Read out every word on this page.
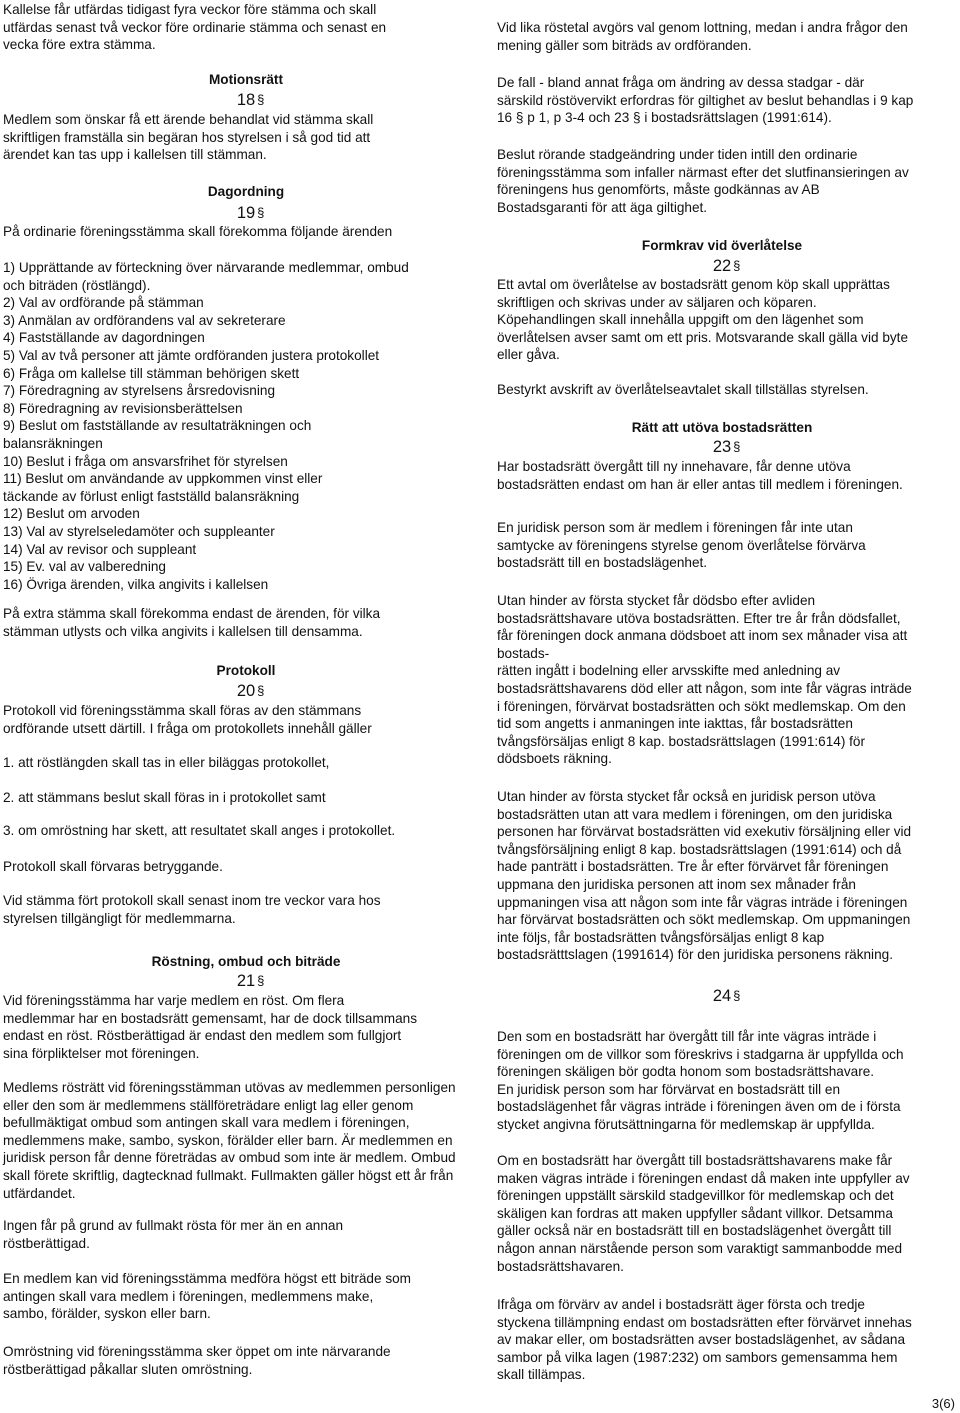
Kallelse får utfärdas tidigast fyra veckor före stämma och skall
utfärdas senast två veckor före ordinarie stämma och senast en
vecka före extra stämma.
Motionsrätt
18 §
Medlem som önskar få ett ärende behandlat vid stämma skall
skriftligen framställa sin begäran hos styrelsen i så god tid att
ärendet kan tas upp i kallelsen till stämman.
Dagordning
19 §
På ordinarie föreningsstämma skall förekomma följande ärenden
1) Upprättande av förteckning över närvarande medlemmar, ombud
och biträden (röstlängd).
2) Val av ordförande på stämman
3) Anmälan av ordförandens val av sekreterare
4) Fastställande av dagordningen
5) Val av två personer att jämte ordföranden justera protokollet
6) Fråga om kallelse till stämman behörigen skett
7) Föredragning av styrelsens årsredovisning
8) Föredragning av revisionsberättelsen
9) Beslut om fastställande av resultaträkningen och
balansräkningen
10) Beslut i fråga om ansvarsfrihet för styrelsen
11) Beslut om användande av uppkommen vinst eller
täckande av förlust enligt fastställd balansräkning
12) Beslut om arvoden
13) Val av styrelseledamöter och suppleanter
14) Val av revisor och suppleant
15) Ev. val av valberedning
16) Övriga ärenden, vilka angivits i kallelsen
På extra stämma skall förekomma endast de ärenden, för vilka
stämman utlysts och vilka angivits i kallelsen till densamma.
Protokoll
20 §
Protokoll vid föreningsstämma skall föras av den stämmans
ordförande utsett därtill. I fråga om protokollets innehåll gäller
1. att röstlängden skall tas in eller biläggas protokollet,
2. att stämmans beslut skall föras in i protokollet samt
3. om omröstning har skett, att resultatet skall anges i protokollet.
Protokoll skall förvaras betryggande.
Vid stämma fört protokoll skall senast inom tre veckor vara hos
styrelsen tillgängligt för medlemmarna.
Röstning, ombud och biträde
21 §
Vid föreningsstämma har varje medlem en röst. Om flera
medlemmar har en bostadsrätt gemensamt, har de dock tillsammans
endast en röst. Röstberättigad är endast den medlem som fullgjort
sina förpliktelser mot föreningen.
Medlems rösträtt vid föreningsstämman utövas av medlemmen personligen
eller den som är medlemmens ställföreträdare enligt lag eller genom
befullmäktigat ombud som antingen skall vara medlem i föreningen,
medlemmens make, sambo, syskon, förälder eller barn. Är medlemmen en
juridisk person får denne företrädas av ombud som inte är medlem. Ombud
skall förete skriftlig, dagtecknad fullmakt. Fullmakten gäller högst ett år från
utfärdandet.
Ingen får på grund av fullmakt rösta för mer än en annan
röstberättigad.
En medlem kan vid föreningsstämma medföra högst ett biträde som
antingen skall vara medlem i föreningen, medlemmens make,
sambo, förälder, syskon eller barn.
Omröstning vid föreningsstämma sker öppet om inte närvarande
röstberättigad påkallar sluten omröstning.
Vid lika röstetal avgörs val genom lottning, medan i andra frågor den
mening gäller som biträds av ordföranden.
De fall - bland annat fråga om ändring av dessa stadgar - där
särskild röstövervikt erfordras för giltighet av beslut behandlas i 9 kap
16 § p 1, p 3-4 och 23 § i bostadsrättslagen (1991:614).
Beslut rörande stadgeändring under tiden intill den ordinarie
föreningsstämma som infaller närmast efter det slutfinansieringen av
föreningens hus genomförts, måste godkännas av AB
Bostadsgaranti för att äga giltighet.
Formkrav vid överlåtelse
22 §
Ett avtal om överlåtelse av bostadsrätt genom köp skall upprättas
skriftligen och skrivas under av säljaren och köparen.
Köpehandlingen skall innehålla uppgift om den lägenhet som
överlåtelsen avser samt om ett pris. Motsvarande skall gälla vid byte
eller gåva.
Bestyrkt avskrift av överlåtelseavtalet skall tillställas styrelsen.
Rätt att utöva bostadsrätten
23 §
Har bostadsrätt övergått till ny innehavare, får denne utöva
bostadsrätten endast om han är eller antas till medlem i föreningen.
En juridisk person som är medlem i föreningen får inte utan
samtycke av föreningens styrelse genom överlåtelse förvärva
bostadsrätt till en bostadslägenhet.
Utan hinder av första stycket får dödsbo efter avliden
bostadsrättshavare utöva bostadsrätten. Efter tre år från dödsfallet,
får föreningen dock anmana dödsboet att inom sex månader visa att
bostads-
rätten ingått i bodelning eller arvsskifte med anledning av
bostadsrättshavarens död eller att någon, som inte får vägras inträde
i föreningen, förvärvat bostadsrätten och sökt medlemskap. Om den
tid som angetts i anmaningen inte iakttas, får bostadsrätten
tvångsförsäljas enligt 8 kap. bostadsrättslagen (1991:614) för
dödsboets räkning.
Utan hinder av första stycket får också en juridisk person utöva
bostadsrätten utan att vara medlem i föreningen, om den juridiska
personen har förvärvat bostadsrätten vid exekutiv försäljning eller vid
tvångsförsäljning enligt 8 kap. bostadsrättslagen (1991:614) och då
hade panträtt i bostadsrätten. Tre år efter förvärvet får föreningen
uppmana den juridiska personen att inom sex månader från
uppmaningen visa att någon som inte får vägras inträde i föreningen
har förvärvat bostadsrätten och sökt medlemskap. Om uppmaningen
inte följs, får bostadsrätten tvångsförsäljas enligt 8 kap
bostadsrätttslagen (1991614) för den juridiska personens räkning.
24 §
Den som en bostadsrätt har övergått till får inte vägras inträde i
föreningen om de villkor som föreskrivs i stadgarna är uppfyllda och
föreningen skäligen bör godta honom som bostadsrättshavare.
En juridisk person som har förvärvat en bostadsrätt till en
bostadslägenhet får vägras inträde i föreningen även om de i första
stycket angivna förutsättningarna för medlemskap är uppfyllda.
Om en bostadsrätt har övergått till bostadsrättshavarens make får
maken vägras inträde i föreningen endast då maken inte uppfyller av
föreningen uppställt särskild stadgevillkor för medlemskap och det
skäligen kan fordras att maken uppfyller sådant villkor. Detsamma
gäller också när en bostadsrätt till en bostadslägenhet övergått till
någon annan närstående person som varaktigt sammanbodde med
bostadsrättshavaren.
Ifråga om förvärv av andel i bostadsrätt äger första och tredje
styckena tillämpning endast om bostadsrätten efter förvärvet innehas
av makar eller, om bostadsrätten avser bostadslägenhet, av sådana
sambor på vilka lagen (1987:232) om sambors gemensamma hem
skall tillämpas.
3(6)
